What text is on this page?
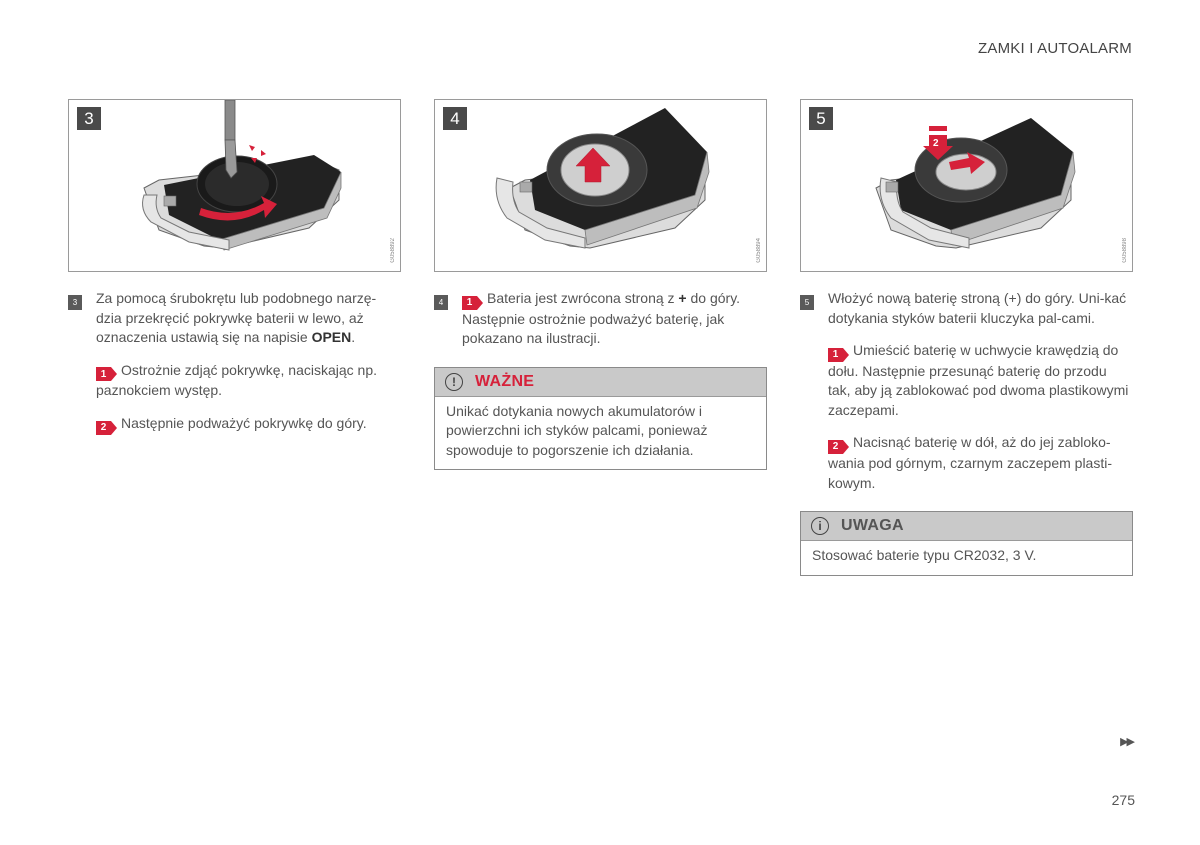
ZAMKI I AUTOALARM
3
G058892
3	Za pomocą śrubokrętu lub podobnego narzę-dzia przekręcić pokrywkę baterii w lewo, aż oznaczenia ustawią się na napisie OPEN.
1	Ostrożnie zdjąć pokrywkę, naciskając np. paznokciem występ.
2	Następnie podważyć pokrywkę do góry.
4
G058894
4	1	Bateria jest zwrócona stroną z + do góry. Następnie ostrożnie podważyć baterię, jak pokazano na ilustracji.
!	WAŻNE
Unikać dotykania nowych akumulatorów i powierzchni ich styków palcami, ponieważ spowoduje to pogorszenie ich działania.
5
2
G058898
5	Włożyć nową baterię stroną (+) do góry. Uni-kać dotykania styków baterii kluczyka pal-cami.
1	Umieścić baterię w uchwycie krawędzią do dołu. Następnie przesunąć baterię do przodu tak, aby ją zablokować pod dwoma plastikowymi zaczepami.
2	Nacisnąć baterię w dół, aż do jej zabloko-wania pod górnym, czarnym zaczepem plasti-kowym.
i	UWAGA
Stosować baterie typu CR2032, 3 V.
▶▶
275
